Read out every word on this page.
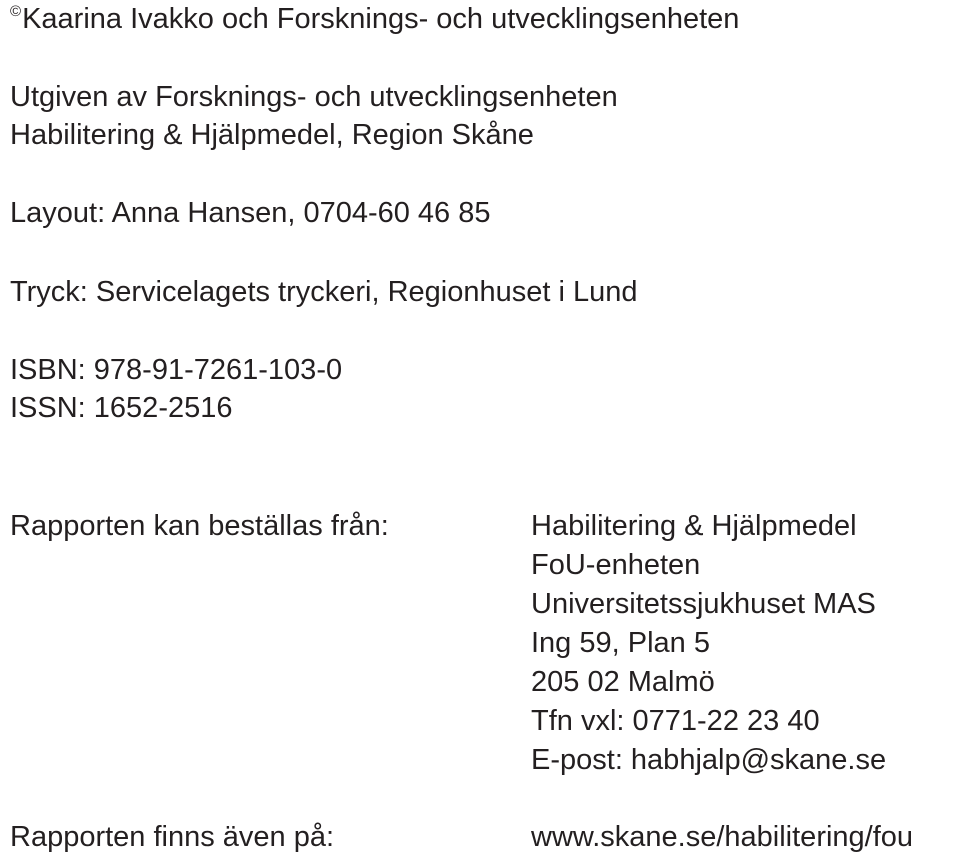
©Kaarina Ivakko och Forsknings- och utvecklingsenheten
Utgiven av Forsknings- och utvecklingsenheten
Habilitering & Hjälpmedel, Region Skåne
Layout: Anna Hansen, 0704-60 46 85
Tryck: Servicelagets tryckeri, Regionhuset i Lund
ISBN: 978-91-7261-103-0
ISSN: 1652-2516
Rapporten kan beställas från:	Habilitering & Hjälpmedel
FoU-enheten
Universitetssjukhuset MAS
Ing 59, Plan 5
205 02 Malmö
Tfn vxl: 0771-22 23 40
E-post: habhjalp@skane.se
Rapporten finns även på:	www.skane.se/habilitering/fou
